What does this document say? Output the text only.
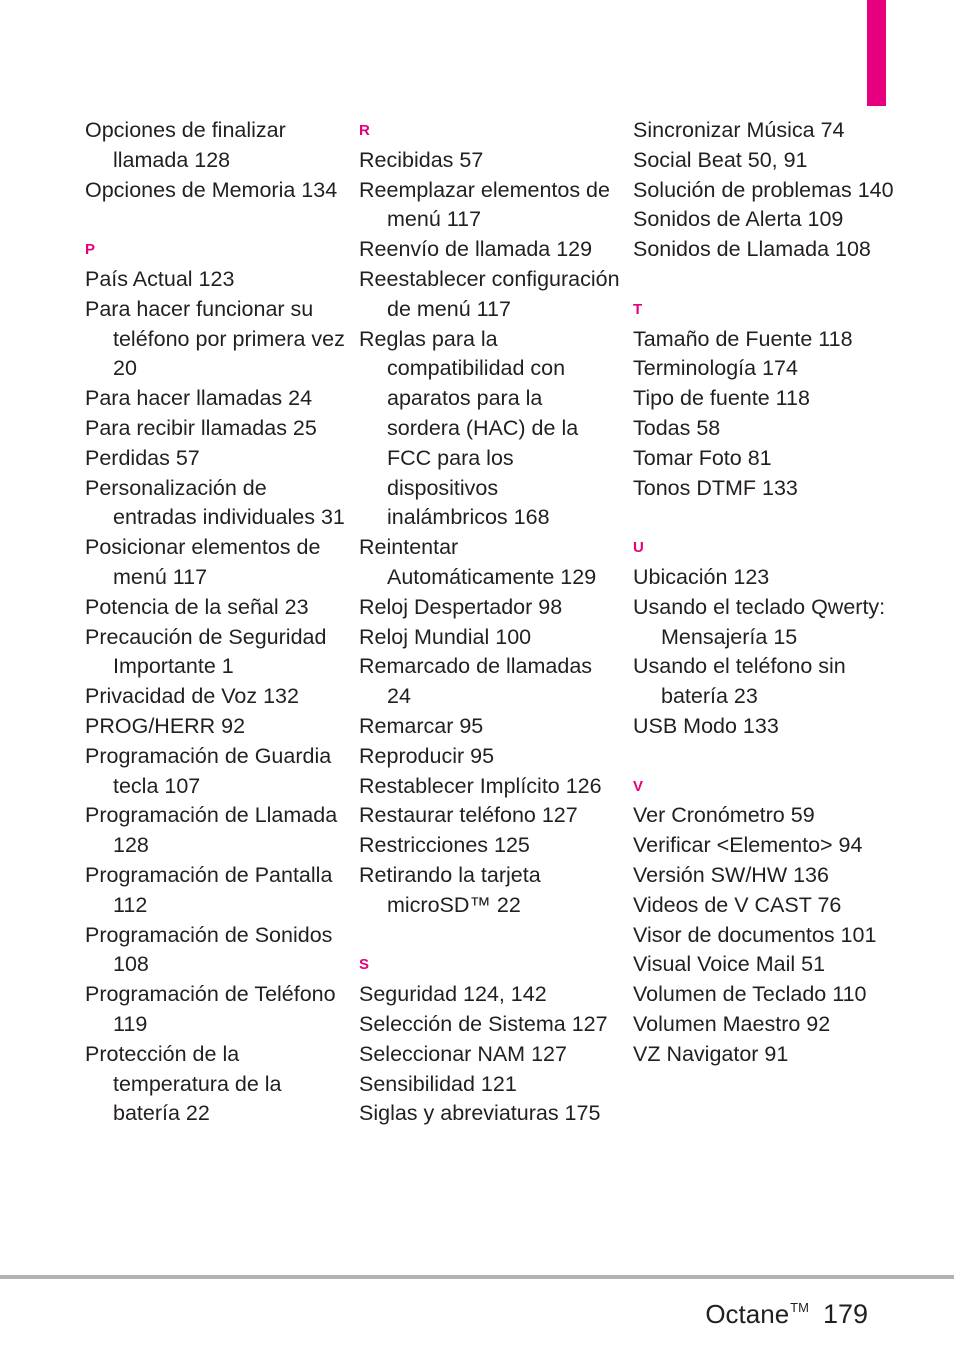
Opciones de finalizar llamada 128
Opciones de Memoria 134
P
País Actual 123
Para hacer funcionar su teléfono por primera vez 20
Para hacer llamadas 24
Para recibir llamadas 25
Perdidas 57
Personalización de entradas individuales 31
Posicionar elementos de menú 117
Potencia de la señal 23
Precaución de Seguridad Importante 1
Privacidad de Voz 132
PROG/HERR 92
Programación de Guardia tecla 107
Programación de Llamada 128
Programación de Pantalla 112
Programación de Sonidos 108
Programación de Teléfono 119
Protección de la temperatura de la batería 22
R
Recibidas 57
Reemplazar elementos de menú 117
Reenvío de llamada 129
Reestablecer configuración de menú 117
Reglas para la compatibilidad con aparatos para la sordera (HAC) de la FCC para los dispositivos inalámbricos 168
Reintentar Automáticamente 129
Reloj Despertador 98
Reloj Mundial 100
Remarcado de llamadas 24
Remarcar 95
Reproducir 95
Restablecer Implícito 126
Restaurar teléfono 127
Restricciones 125
Retirando la tarjeta microSD™ 22
S
Seguridad 124, 142
Selección de Sistema 127
Seleccionar NAM 127
Sensibilidad 121
Siglas y abreviaturas 175
Sincronizar Música 74
Social Beat 50, 91
Solución de problemas 140
Sonidos de Alerta 109
Sonidos de Llamada 108
T
Tamaño de Fuente 118
Terminología 174
Tipo de fuente 118
Todas 58
Tomar Foto 81
Tonos DTMF 133
U
Ubicación 123
Usando el teclado Qwerty: Mensajería 15
Usando el teléfono sin batería 23
USB Modo 133
V
Ver Cronómetro 59
Verificar <Elemento> 94
Versión SW/HW 136
Videos de V CAST 76
Visor de documentos 101
Visual Voice Mail 51
Volumen de Teclado 110
Volumen Maestro 92
VZ Navigator 91
Octane™ 179
